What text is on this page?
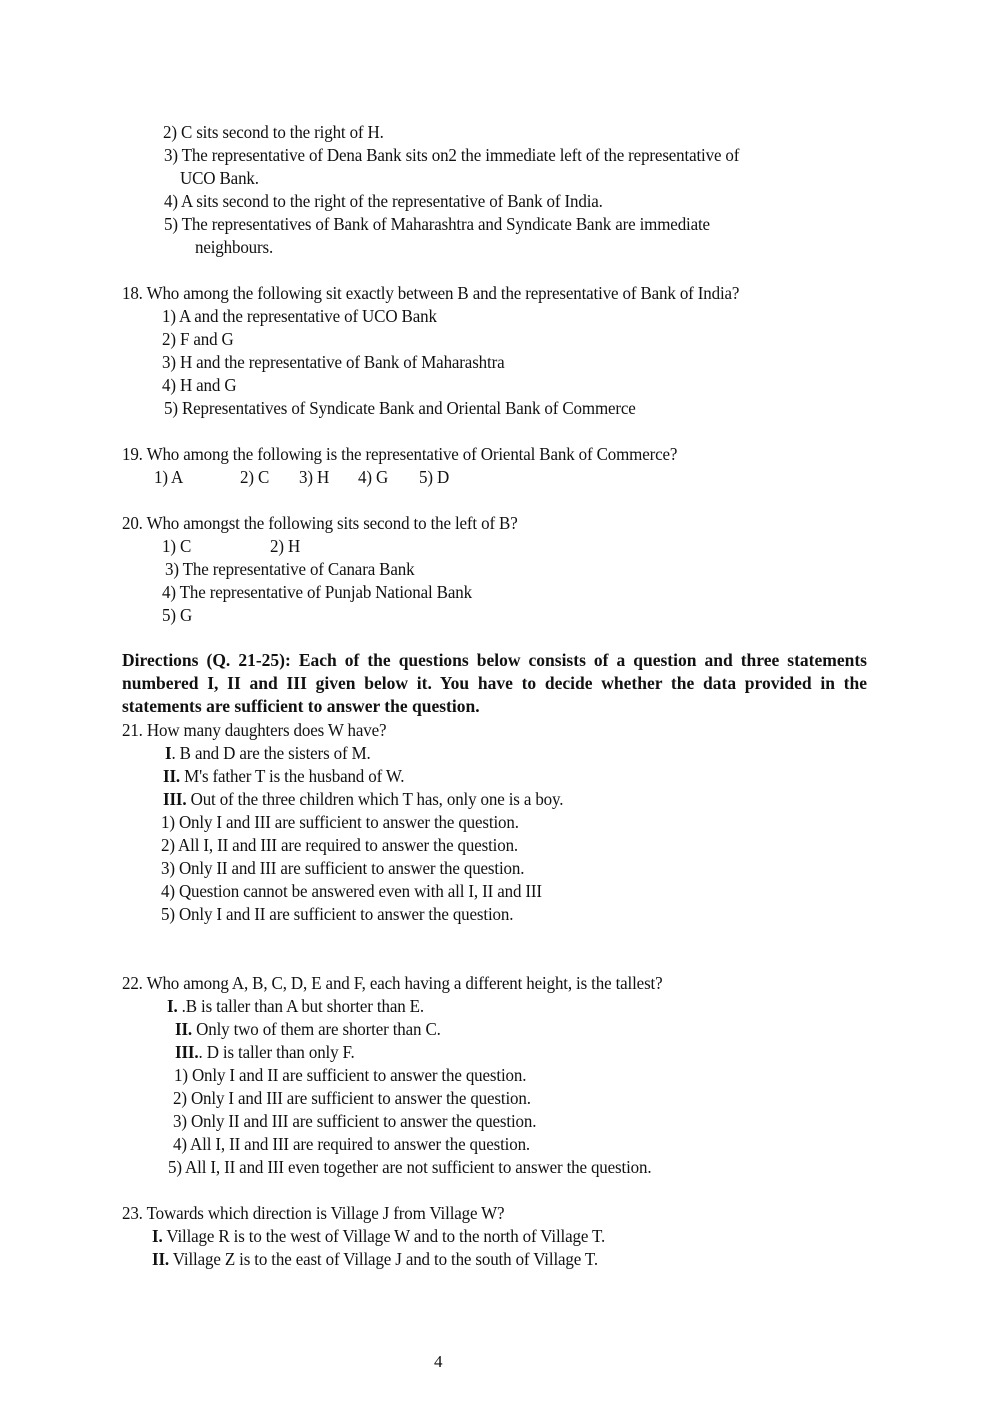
2) C sits second to the right of H.
3) The representative of Dena Bank sits on2 the immediate left of the representative of
UCO Bank.
4) A sits second to the right of the representative of Bank of India.
5) The representatives of Bank of Maharashtra and Syndicate Bank are immediate
neighbours.
18. Who among the following sit exactly between B and the representative of Bank of India?
1) A and the representative of UCO Bank
2) F and G
3) H and the representative of Bank of Maharashtra
4) H and G
5) Representatives of Syndicate Bank and Oriental Bank of Commerce
19. Who among the following is the representative of Oriental Bank of Commerce?
1) A	2) C 3) H 4) G 5) D
20. Who amongst the following sits second to the left of B?
1) C	2) H
3) The representative of Canara Bank
4) The representative of Punjab National Bank
5) G
Directions (Q. 21-25): Each of the questions below consists of a question and three statements numbered I, II and III given below it. You have to decide whether the data provided in the statements are sufficient to answer the question.
21. How many daughters does W have?
I. B and D are the sisters of M.
II. M's father T is the husband of W.
III. Out of the three children which T has, only one is a boy.
1) Only I and III are sufficient to answer the question.
2) All I, II and III are required to answer the question.
3) Only II and III are sufficient to answer the question.
4) Question cannot be answered even with all I, II and III
5) Only I and II are sufficient to answer the question.
22. Who among A, B, C, D, E and F, each having a different height, is the tallest?
I. .B is taller than A but shorter than E.
II. Only two of them are shorter than C.
III.. D is taller than only F.
1) Only I and II are sufficient to answer the question.
2) Only I and III are sufficient to answer the question.
3) Only II and III are sufficient to answer the question.
4) All I, II and III are required to answer the question.
5) All I, II and III even together are not sufficient to answer the question.
23. Towards which direction is Village J from Village W?
I. Village R is to the west of Village W and to the north of Village T.
II. Village Z is to the east of Village J and to the south of Village T.
4
